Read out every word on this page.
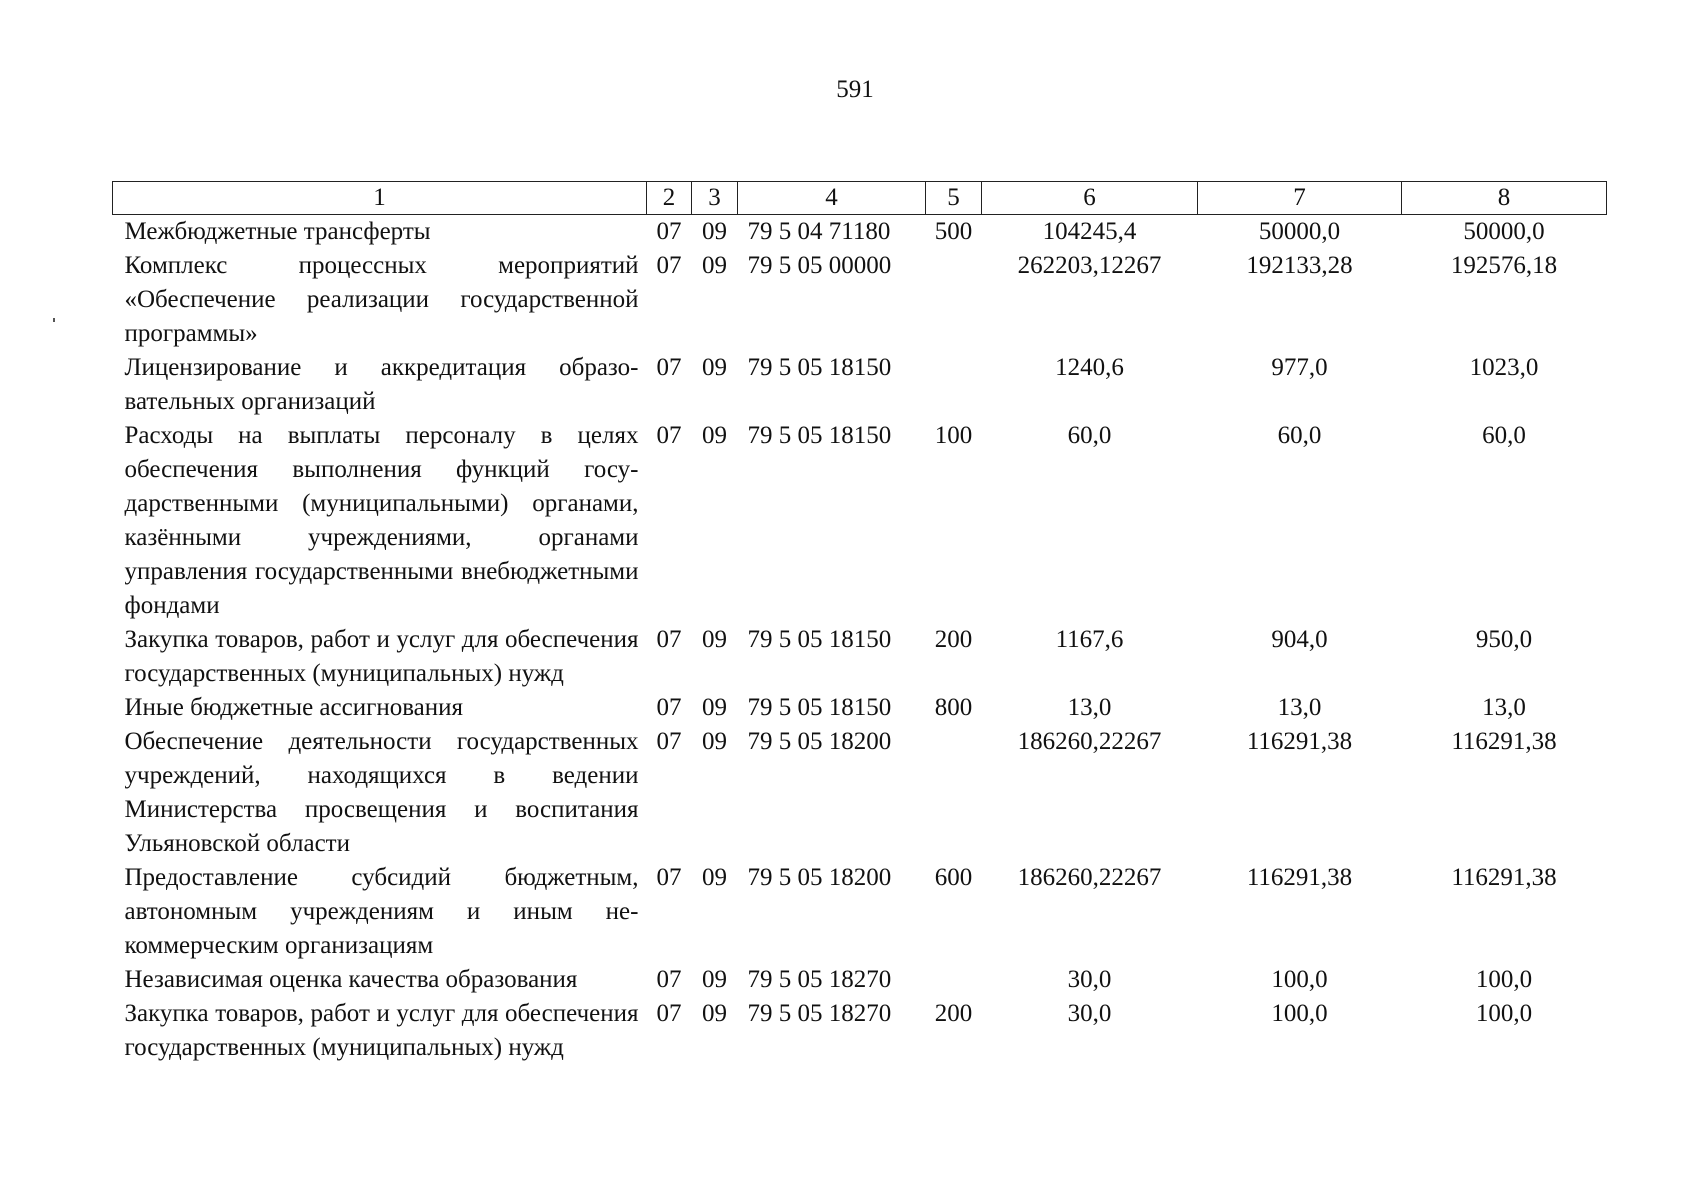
591
1	2	3	4	5	6	7	8
Межбюджетные трансферты	07	09	79 5 04 71180	500	104245,4	50000,0	50000,0
Комплекс процессных мероприятий «Обеспечение реализации государственной программы»	07	09	79 5 05 00000		262203,12267	192133,28	192576,18
Лицензирование и аккредитация образовательных организаций	07	09	79 5 05 18150		1240,6	977,0	1023,0
Расходы на выплаты персоналу в целях обеспечения выполнения функций государственными (муниципальными) органами, казёнными учреждениями, органами управления государственными внебюджетными фондами	07	09	79 5 05 18150	100	60,0	60,0	60,0
Закупка товаров, работ и услуг для обеспечения государственных (муниципальных) нужд	07	09	79 5 05 18150	200	1167,6	904,0	950,0
Иные бюджетные ассигнования	07	09	79 5 05 18150	800	13,0	13,0	13,0
Обеспечение деятельности государственных учреждений, находящихся в ведении Министерства просвещения и воспитания Ульяновской области	07	09	79 5 05 18200		186260,22267	116291,38	116291,38
Предоставление субсидий бюджетным, автономным учреждениям и иным некоммерческим организациям	07	09	79 5 05 18200	600	186260,22267	116291,38	116291,38
Независимая оценка качества образования	07	09	79 5 05 18270		30,0	100,0	100,0
Закупка товаров, работ и услуг для обеспечения государственных (муниципальных) нужд	07	09	79 5 05 18270	200	30,0	100,0	100,0
